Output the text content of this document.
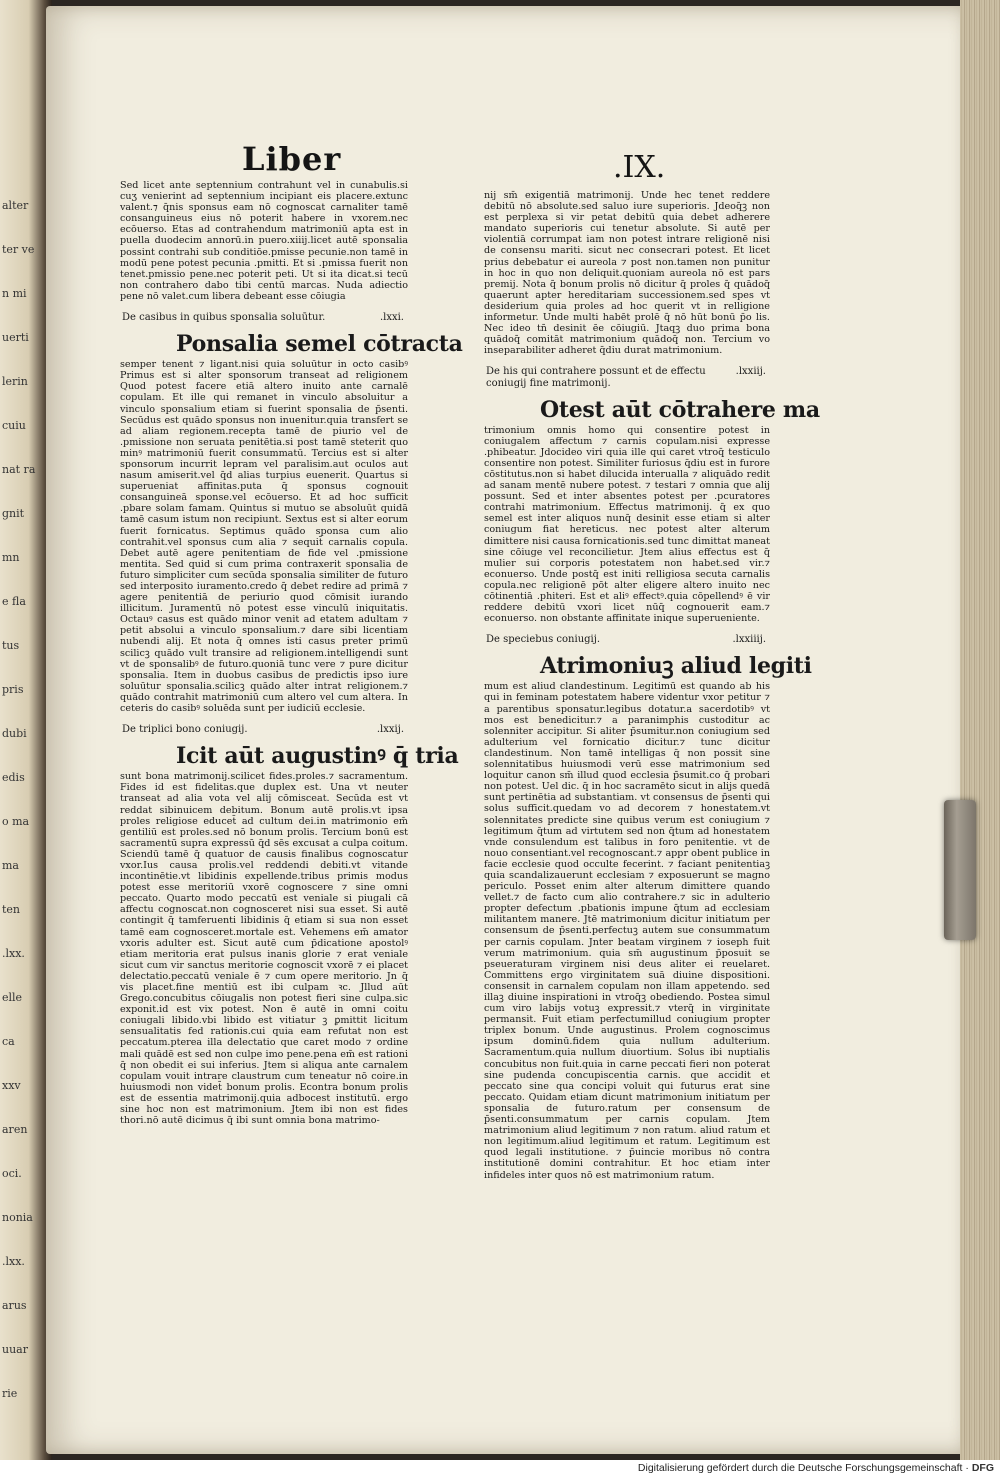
alter
ter ve
n mi
uerti
lerin
cuiu
nat ra
gnit
mn
e fla
tus
pris
dubi
edis
o ma
ma
ten
.lxx.
elle
ca
xxv
aren
oci.
nonia
.lxx.
arus
uuar
rie
Liber	.IX.

Sed licet ante septennium contrahunt vel in cunabulis.si cuʒ venierint ad septennium incipiant eis placere.extunc valent.⁊ q̄nis sponsus eam nō cognoscat carnaliter tamē consanguineus eius nō poterit habere in vxorem.nec ecōuerso. Etas ad contrahendum matrimoniū apta est in puella duodecim annorū.in puero.xiiij.licet autē sponsalia possint contrahi sub conditiōe.pmisse pecunie.non tamē in modū pene potest pecunia .pmitti. Et si .pmissa fuerit non tenet.pmissio pene.nec poterit peti. Ut si ita dicat.si tecū non contrahero dabo tibi centū marcas. Nuda adiectio pene nō valet.cum libera debeant esse cōiugia

De casibus in quibus sponsalia soluūtur.	.lxxi.
Ponsalia semel cōtracta

semper tenent ⁊ ligant.nisi quia soluūtur in octo casibꝰ Primus est si alter sponsorum transeat ad religionem Quod potest facere etiā altero inuito ante carnalē copulam. Et ille qui remanet in vinculo absoluitur a vinculo sponsalium etiam si fuerint sponsalia de p̄senti. Secūdus est quādo sponsus non inuenitur.quia transfert se ad aliam regionem.recepta tamē de piurio vel de .pmissione non seruata penitētia.si post tamē steterit quo minꝰ matrimoniū fuerit consummatū. Tercius est si alter sponsorum incurrit lepram vel paralisim.aut oculos aut nasum amiserit.vel q̄d alias turpius euenerit. Quartus si superueniat affinitas.puta q̄ sponsus cognouit consanguineā sponse.vel ecōuerso. Et ad hoc sufficit .pbare solam famam. Quintus si mutuo se absoluūt quidā tamē casum istum non recipiunt. Sextus est si alter eorum fuerit fornicatus. Septimus quādo sponsa cum alio contrahit.vel sponsus cum alia ⁊ sequit̄ carnalis copula. Debet autē agere penitentiam de fide vel .pmissione mentita. Sed quid si cum prima contraxerit sponsalia de futuro simpliciter cum secūda sponsalia similiter de futuro sed interposito iuramento.credo q̄ debet redire ad primā ⁊ agere penitentiā de periurio quod cōmisit iurando illicitum. Juramentū nō potest esse vinculū iniquitatis. Octauꝰ casus est quādo minor venit ad etatem adultam ⁊ petit absolui a vinculo sponsalium.⁊ dare sibi licentiam nubendi alij. Et nota q̄ omnes isti casus preter primū scilicꝫ quādo vult transire ad religionem.intelligendi sunt vt de sponsalibꝰ de futuro.quoniā tunc vere ⁊ pure dicitur sponsalia. Item in duobus casibus de predictis ipso iure soluūtur sponsalia.scilicꝫ quādo alter intrat religionem.⁊ quādo contrahit matrimoniū cum altero vel cum altera. In ceteris do casibꝰ soluēda sunt per iudiciū ecclesie.

De triplici bono coniugij.	.lxxij.
Icit aūt augustinꝰ q̄ tria

sunt bona matrimonij.scilicet fides.proles.⁊ sacramentum. Fides id est fidelitas.que duplex est. Una vt neuter transeat ad alia vota vel alij cōmisceat. Secūda est vt reddat sibinuicem debitum. Bonum autē prolis.vt ipsa proles religiose educet̄ ad cultum dei.in matrimonio em̄ gentiliū est proles.sed nō bonum prolis. Tercium bonū est sacramentū supra expressū q̄d sēs excusat a culpa coitum. Sciendū tamē q̄ quatuor de causis finalibus cognoscatur vxor.Ius causa prolis.vel reddendi debiti.vt vitande incontinētie.vt libidinis expellende.tribus primis modus potest esse meritoriū vxorē cognoscere ⁊ sine omni peccato. Quarto modo peccatū est veniale si piugali cā affectu cognoscat.non cognosceret nisi sua esset. Si autē contingit q̄ tamferuenti libidinis q̄ etiam si sua non esset tamē eam cognosceret.mortale est. Vehemens em̄ amator vxoris adulter est. Sicut autē cum p̄dicatione apostolꝰ etiam meritoria erat pulsus inanis glorie ⁊ erat veniale sicut cum vir sanctus meritorie cognoscit vxorē ⁊ ei placet delectatio.peccatū veniale ē ⁊ cum opere meritorio. Jn q̄ vis placet.fine mentiū est ibi culpam ꝛc. Jllud aūt Grego.concubitus cōiugalis non potest fieri sine culpa.sic exponit.id est vix potest. Non ē autē in omni coitu coniugali libido.vbi libido est vitiatur ꝫ ꝑmittit licitum sensualitatis fed rationis.cui quia eam refutat non est peccatum.pterea illa delectatio que caret modo ⁊ ordine mali quādē est sed non culpe imo pene.pena em̄ est rationi q̄ non obedit ei sui inferius. Jtem si aliqua ante carnalem copulam vouit intrare claustrum cum teneatur nō coire.in huiusmodi non videt̄ bonum prolis. Econtra bonum prolis est de essentia matrimonij.quia adbocest institutū. ergo sine hoc non est matrimonium. Jtem ibi non est fides thori.nō autē dicimus q̄ ibi sunt omnia bona matrimo-

nij sm̄ exigentiā matrimonij. Unde hec tenet reddere debitū nō absolute.sed saluo iure superioris. Jdeoq̄ꝫ non est perplexa si vir petat debitū quia debet adherere mandato superioris cui tenetur absolute. Si autē per violentiā corrumpat iam non potest intrare religionē nisi de consensu mariti. sicut nec consecrari potest. Et licet prius debebatur ei aureola ⁊ post non.tamen non punitur in hoc in quo non deliquit.quoniam aureola nō est pars premij. Nota q̄ bonum prolis nō dicitur q̄ proles q̄ quādoq̄ quaerunt apter hereditariam successionem.sed spes vt desiderium quia proles ad hoc querit vt in relligione informetur. Unde multi habēt prolē q̄ nō hūt bonū p̄o lis. Nec ideo tn̄ desinit ēe cōiugiū. Jtaqꝫ duo prima bona quādoq̄ comitāt matrimonium quādoq̄ non. Tercium vo inseparabiliter adheret q̄diu durat matrimonium.

De his qui contrahere possunt et de effectu coniugij fine matrimonij.
.lxxiij.
Otest aūt cōtrahere ma

trimonium omnis homo qui consentire potest in coniugalem affectum ⁊ carnis copulam.nisi expresse .phibeatur. Jdocideo viri quia ille qui caret vtroq̄ testiculo consentire non potest. Similiter furiosus q̄diu est in furore cōstitutus.non si habet dilucida interualla ⁊ aliquādo redit ad sanam mentē nubere potest. ⁊ testari ⁊ omnia que alij possunt. Sed et inter absentes potest per .pcuratores contrahi matrimonium. Effectus matrimonij. q̄ ex quo semel est inter aliquos nunq̄ desinit esse etiam si alter coniugum fiat hereticus. nec potest alter alterum dimittere nisi causa fornicationis.sed tunc dimittat maneat sine cōiuge vel reconcilietur. Jtem alius effectus est q̄ mulier sui corporis potestatem non habet.sed vir.⁊ econuerso. Unde postq̄ est initi relligiosa secuta carnalis copula.nec religionē pōt alter eligere altero inuito nec cōtinentiā .phiteri. Est et aliꝰ effectꝰ.quia cōpellendꝰ ē vir reddere debitū vxori licet nūq̄ cognouerit eam.⁊ econuerso. non obstante affinitate inique superueniente.

De speciebus coniugij.	.lxxiiij.
Atrimoniuꝫ aliud legiti

mum est aliud clandestinum. Legitimū est quando ab his qui in feminam potestatem habere videntur vxor petitur ⁊ a parentibus sponsatur.legibus dotatur.a sacerdotibꝰ vt mos est benedicitur.⁊ a paranimphis custoditur ac solenniter accipitur. Si aliter p̄sumitur.non coniugium sed adulterium vel fornicatio dicitur.⁊ tunc dicitur clandestinum. Non tamē intelligas q̄ non possit sine solennitatibus huiusmodi verū esse matrimonium sed loquitur canon sm̄ illud quod ecclesia p̄sumit.co q̄ probari non potest. Uel dic. q̄ in hoc sacramēto sicut in alijs quedā sunt pertinētia ad substantiam. vt consensus de p̄senti qui solus sufficit.quedam vo ad decorem ⁊ honestatem.vt solennitates predicte sine quibus verum est coniugium ⁊ legitimum q̄tum ad virtutem sed non q̄tum ad honestatem vnde consulendum est talibus in foro penitentie. vt de nouo consentiant.vel recognoscant.⁊ appr obent publice in facie ecclesie quod occulte fecerint. ⁊ faciant penitentiaꝫ quia scandalizauerunt ecclesiam ⁊ exposuerunt se magno periculo. Posset enim alter alterum dimittere quando vellet.⁊ de facto cum alio contrahere.⁊ sic in adulterio propter defectum .pbationis impune q̄tum ad ecclesiam militantem manere. Jtē matrimonium dicitur initiatum per consensum de p̄senti.perfectuꝫ autem sue consummatum per carnis copulam. Jnter beatam virginem ⁊ ioseph fuit verum matrimonium. quia sm̄ augustinum p̄posuit se pseueraturam virginem nisi deus aliter ei reuelaret. Committens ergo virginitatem suā diuine dispositioni. consensit in carnalem copulam non illam appetendo. sed illaꝫ diuine inspirationi in vtroq̄ꝫ obediendo. Postea simul cum viro labijs votuꝫ expressit.⁊ vterq̄ in virginitate permansit. Fuit etiam perfectumillud coniugium propter triplex bonum. Unde augustinus. Prolem cognoscimus ipsum dominū.fidem quia nullum adulterium. Sacramentum.quia nullum diuortium. Solus ibi nuptialis concubitus non fuit.quia in carne peccati fieri non poterat sine pudenda concupiscentia carnis. que accidit et peccato sine qua concipi voluit qui futurus erat sine peccato. Quidam etiam dicunt matrimonium initiatum per sponsalia de futuro.ratum per consensum de p̄senti.consummatum per carnis copulam. Jtem matrimonium aliud legitimum ⁊ non ratum. aliud ratum et non legitimum.aliud legitimum et ratum. Legitimum est quod legali institutione. ⁊ p̄uincie moribus nō contra institutionē domini contrahitur. Et hoc etiam inter infideles inter quos nō est matrimonium ratum.

Digitalisierung gefördert durch die Deutsche Forschungsgemeinschaft · DFG
